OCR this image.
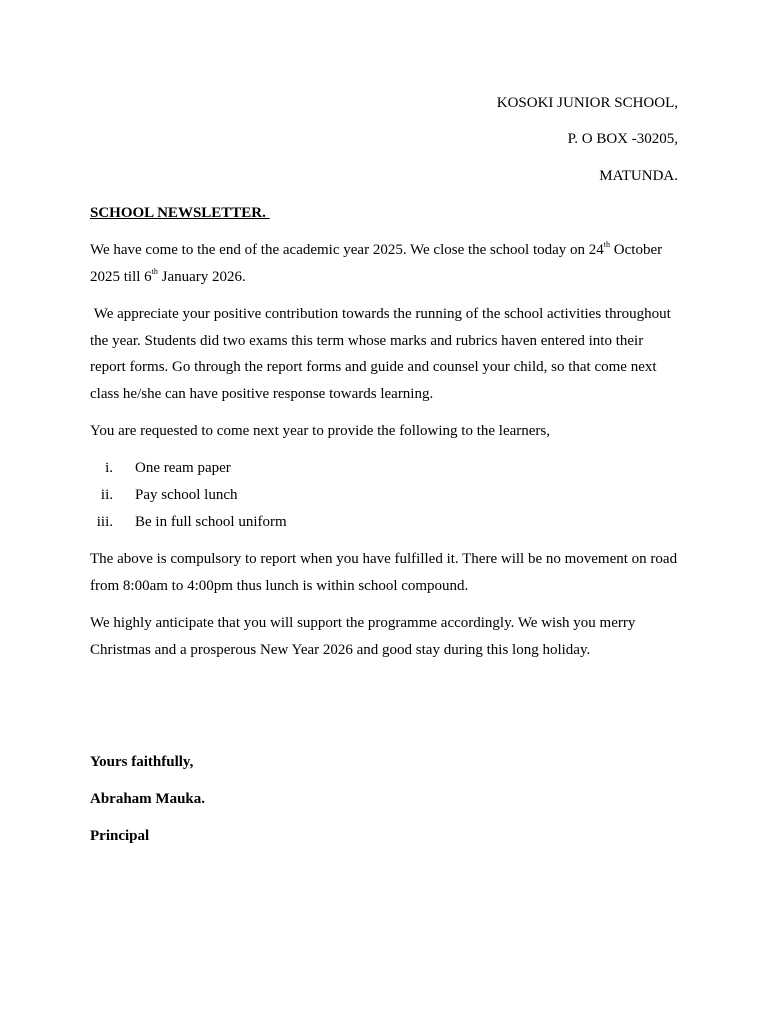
KOSOKI JUNIOR SCHOOL,
P. O BOX -30205,
MATUNDA.
SCHOOL NEWSLETTER.

We have come to the end of the academic year 2025. We close the school today on 24th October 2025 till 6th January 2026.

We appreciate your positive contribution towards the running of the school activities throughout the year. Students did two exams this term whose marks and rubrics haven entered into their report forms. Go through the report forms and guide and counsel your child, so that come next class he/she can have positive response towards learning.

You are requested to come next year to provide the following to the learners,

i. One ream paper
ii. Pay school lunch
iii. Be in full school uniform

The above is compulsory to report when you have fulfilled it. There will be no movement on road from 8:00am to 4:00pm thus lunch is within school compound.

We highly anticipate that you will support the programme accordingly. We wish you merry Christmas and a prosperous New Year 2026 and good stay during this long holiday.

Yours faithfully,
Abraham Mauka.
Principal
